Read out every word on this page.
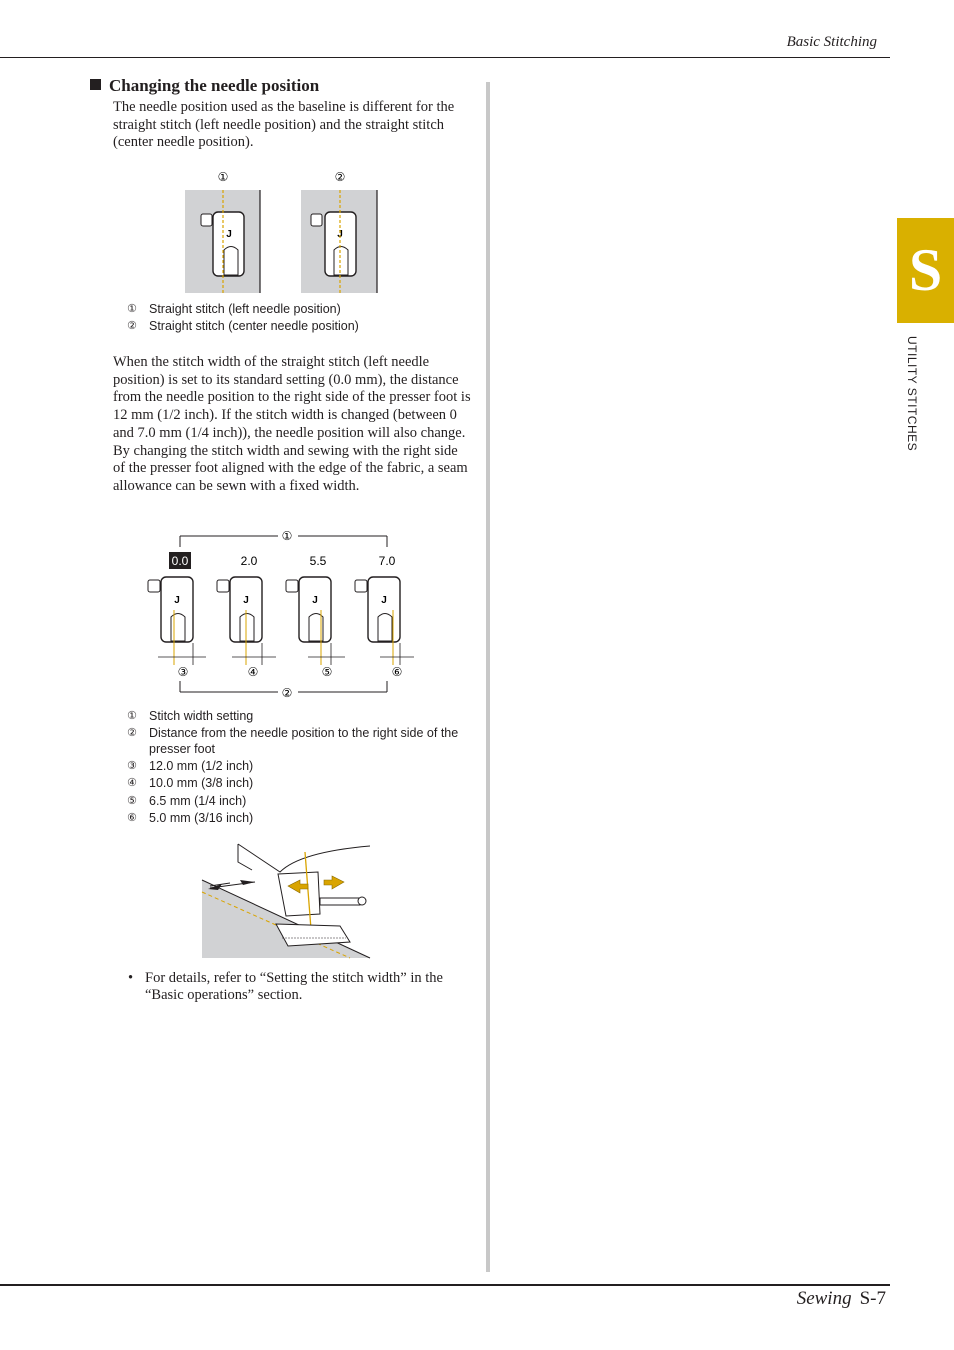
Basic Stitching
S
UTILITY STITCHES
Changing the needle position
The needle position used as the baseline is different for the straight stitch (left needle position) and the straight stitch (center needle position).
①	②
J	J
① Straight stitch (left needle position)
② Straight stitch (center needle position)
When the stitch width of the straight stitch (left needle position) is set to its standard setting (0.0 mm), the distance from the needle position to the right side of the presser foot is 12 mm (1/2 inch). If the stitch width is changed (between 0 and 7.0 mm (1/4 inch)), the needle position will also change. By changing the stitch width and sewing with the right side of the presser foot aligned with the edge of the fabric, a seam allowance can be sewn with a fixed width.
①
0.0	2.0	5.5	7.0
J	J	J	J
③	④	⑤	⑥
②
① Stitch width setting
② Distance from the needle position to the right side of the presser foot
③ 12.0 mm (1/2 inch)
④ 10.0 mm (3/8 inch)
⑤ 6.5 mm (1/4 inch)
⑥ 5.0 mm (3/16 inch)
• For details, refer to “Setting the stitch width” in the “Basic operations” section.
Sewing S-7
